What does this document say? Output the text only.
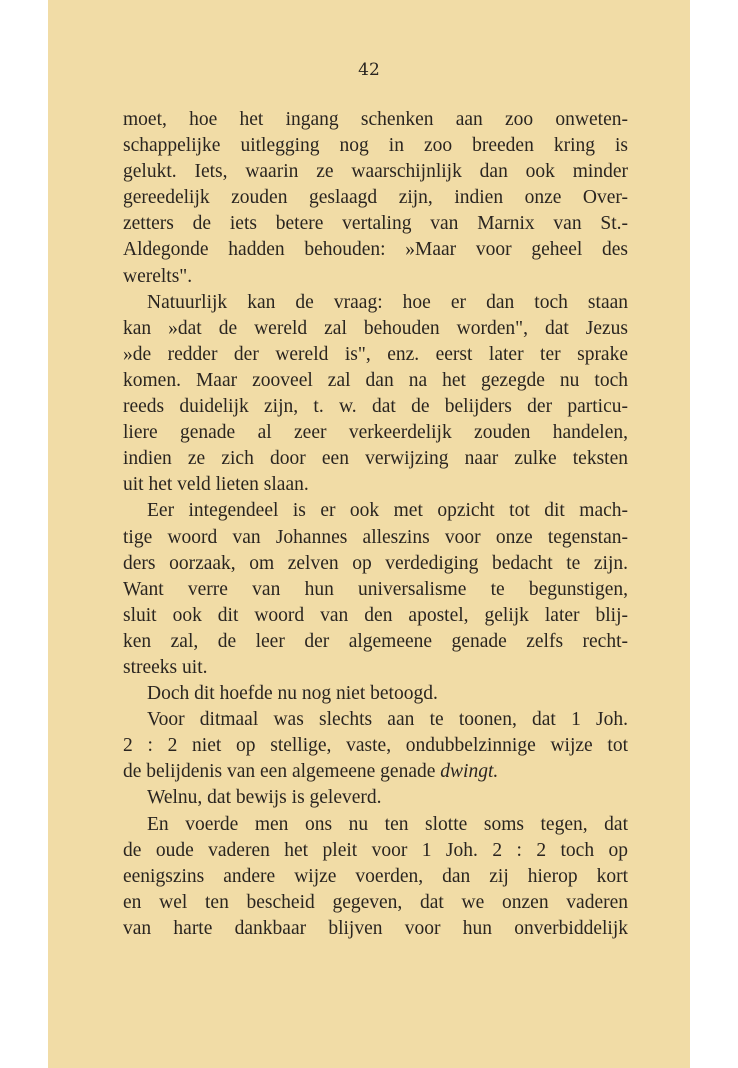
42
moet, hoe het ingang schenken aan zoo onweten-
schappelijke uitlegging nog in zoo breeden kring is
gelukt. Iets, waarin ze waarschijnlijk dan ook minder
gereedelijk zouden geslaagd zijn, indien onze Over-
zetters de iets betere vertaling van Marnix van St.-
Aldegonde hadden behouden: »Maar voor geheel des
werelts".
Natuurlijk kan de vraag: hoe er dan toch staan
kan »dat de wereld zal behouden worden", dat Jezus
»de redder der wereld is", enz. eerst later ter sprake
komen. Maar zooveel zal dan na het gezegde nu toch
reeds duidelijk zijn, t. w. dat de belijders der particu-
liere genade al zeer verkeerdelijk zouden handelen,
indien ze zich door een verwijzing naar zulke teksten
uit het veld lieten slaan.
Eer integendeel is er ook met opzicht tot dit mach-
tige woord van Johannes alleszins voor onze tegenstan-
ders oorzaak, om zelven op verdediging bedacht te zijn.
Want verre van hun universalisme te begunstigen,
sluit ook dit woord van den apostel, gelijk later blij-
ken zal, de leer der algemeene genade zelfs recht-
streeks uit.
Doch dit hoefde nu nog niet betoogd.
Voor ditmaal was slechts aan te toonen, dat 1 Joh.
2 : 2 niet op stellige, vaste, ondubbelzinnige wijze tot
de belijdenis van een algemeene genade dwingt.
Welnu, dat bewijs is geleverd.
En voerde men ons nu ten slotte soms tegen, dat
de oude vaderen het pleit voor 1 Joh. 2 : 2 toch op
eenigszins andere wijze voerden, dan zij hierop kort
en wel ten bescheid gegeven, dat we onzen vaderen
van harte dankbaar blijven voor hun onverbiddelijk
